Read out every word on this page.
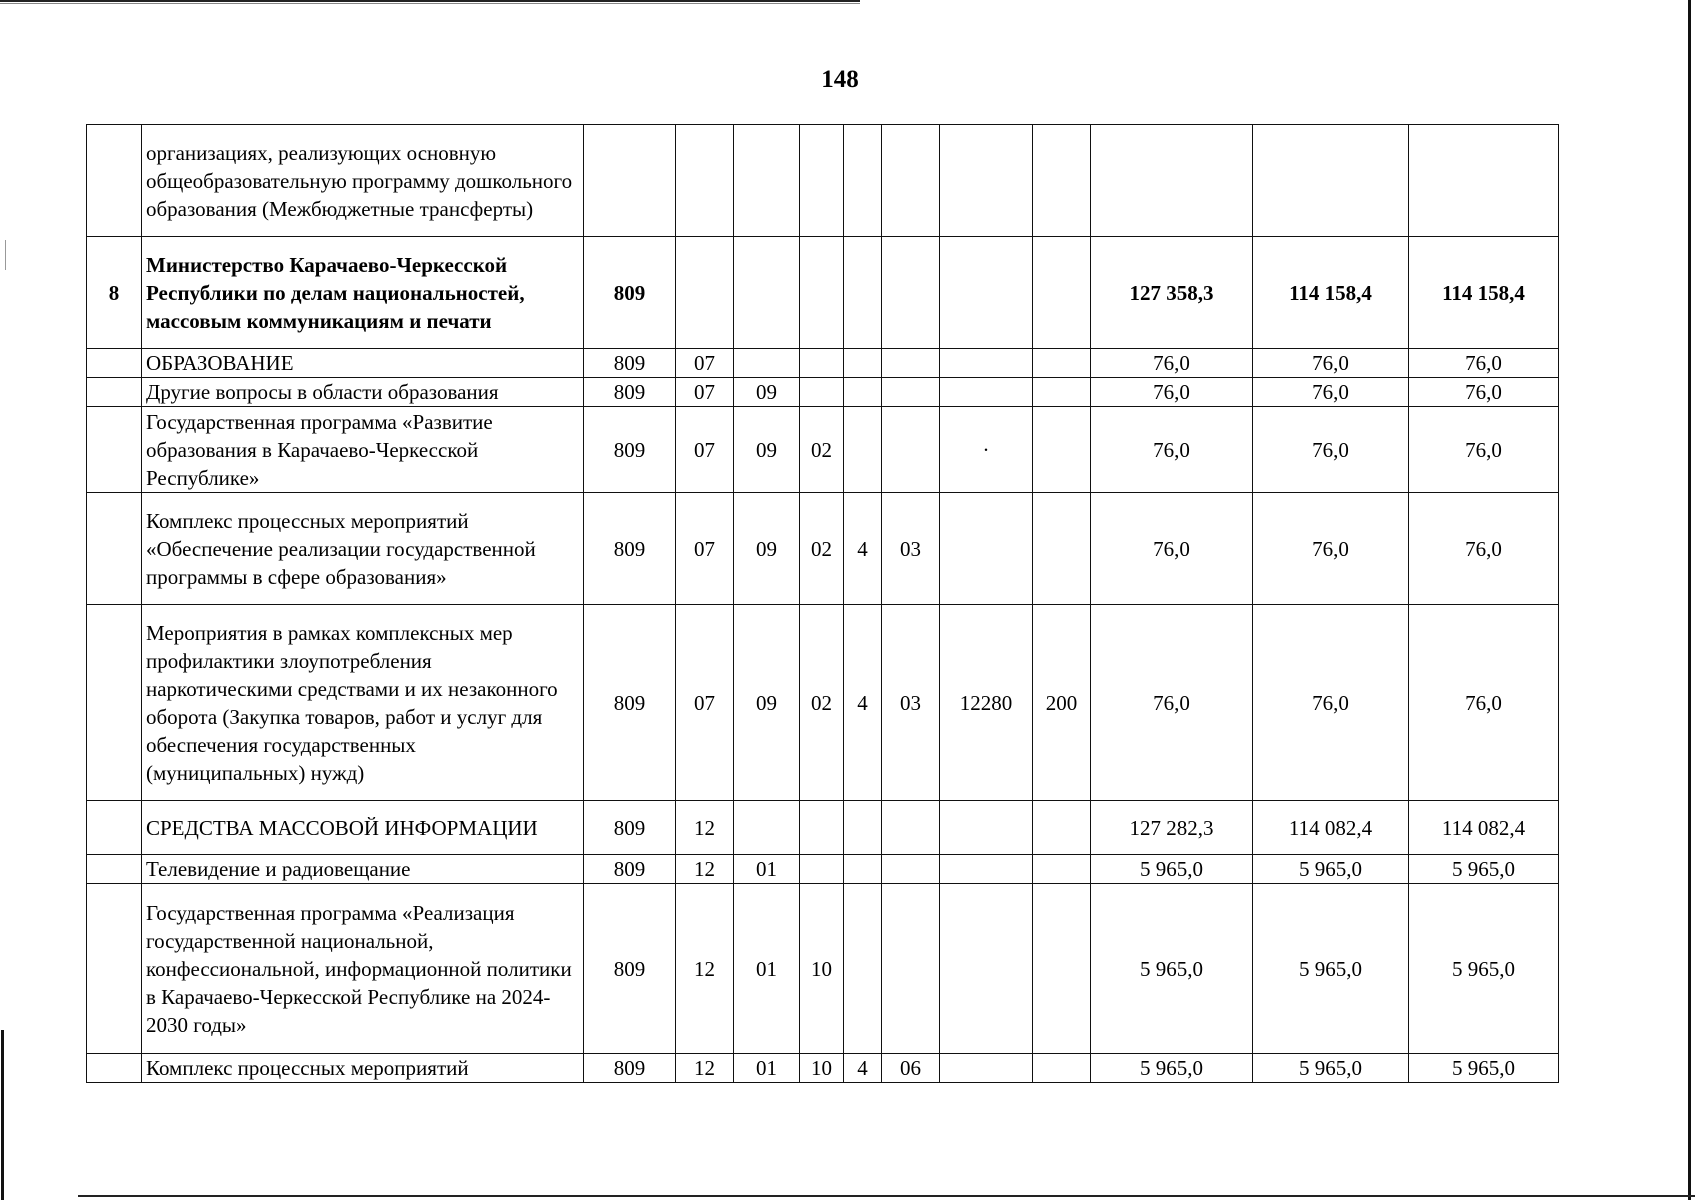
148
	организациях, реализующих основную общеобразовательную программу дошкольного образования (Межбюджетные трансферты)											
8	Министерство Карачаево-Черкесской Республики по делам национальностей, массовым коммуникациям и печати	809								127 358,3	114 158,4	114 158,4
	ОБРАЗОВАНИЕ	809	07							76,0	76,0	76,0
	Другие вопросы в области образования	809	07	09						76,0	76,0	76,0
	Государственная программа «Развитие образования в Карачаево-Черкесской Республике»	809	07	09	02			·		76,0	76,0	76,0
	Комплекс процессных мероприятий «Обеспечение реализации государственной программы в сфере образования»	809	07	09	02	4	03			76,0	76,0	76,0
	Мероприятия в рамках комплексных мер профилактики злоупотребления наркотическими средствами и их незаконного оборота (Закупка товаров, работ и услуг для обеспечения государственных (муниципальных) нужд)	809	07	09	02	4	03	12280	200	76,0	76,0	76,0
	СРЕДСТВА МАССОВОЙ ИНФОРМАЦИИ	809	12							127 282,3	114 082,4	114 082,4
	Телевидение и радиовещание	809	12	01						5 965,0	5 965,0	5 965,0
	Государственная программа «Реализация государственной национальной, конфессиональной, информационной политики в Карачаево-Черкесской Республике на 2024-2030 годы»	809	12	01	10					5 965,0	5 965,0	5 965,0
	Комплекс процессных мероприятий	809	12	01	10	4	06			5 965,0	5 965,0	5 965,0
